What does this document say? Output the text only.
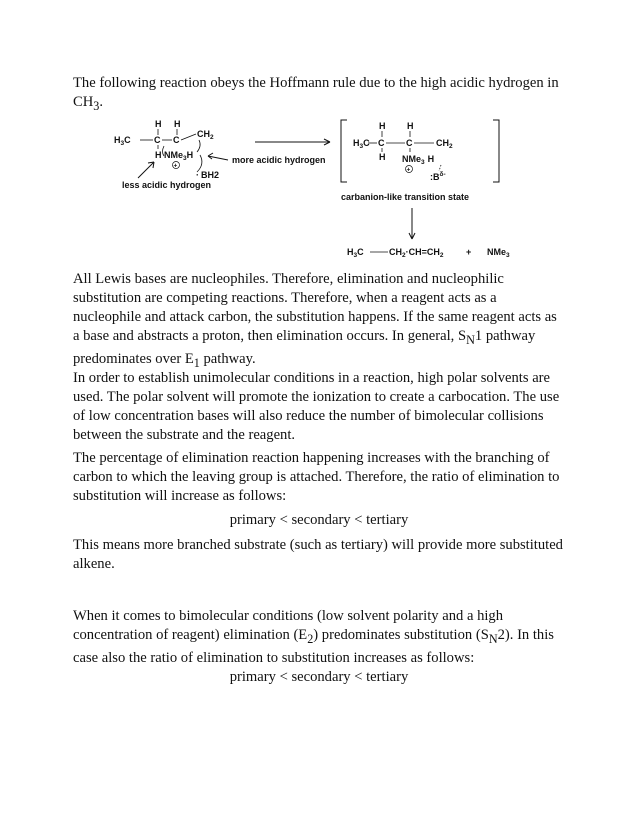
The following reaction obeys the Hoffmann rule due to the high acidic hydrogen in $CH_3$.

H H
$H_3C$	C C
$CH_2$
H NMe$_3$H
+
· BH2
more acidic hydrogen
less acidic hydrogen
H H
$H_3C$ C C	$CH_2$
H NMe$_3$ H
+
$:B^{\delta-}$
carbanion-like transition state
$H_3C$	$CH_2\cdot CH=CH_2 + NMe_3$

All Lewis bases are nucleophiles. Therefore, elimination and nucleophilic substitution are competing reactions. Therefore, when a reagent acts as a nucleophile and attack carbon, the substitution happens. If the same reagent acts as a base and abstracts a proton, then elimination occurs. In general, $S_N1$ pathway predominates over $E_1$ pathway.

In order to establish unimolecular conditions in a reaction, high polar solvents are used. The polar solvent will promote the ionization to create a carbocation. The use of low concentration bases will also reduce the number of bimolecular collisions between the substrate and the reagent.

The percentage of elimination reaction happening increases with the branching of carbon to which the leaving group is attached. Therefore, the ratio of elimination to substitution will increase as follows:

primary < secondary < tertiary

This means more branched substrate (such as tertiary) will provide more substituted alkene.

When it comes to bimolecular conditions (low solvent polarity and a high concentration of reagent) elimination $(E_2)$ predominates substitution $(S_N2)$. In this case also the ratio of elimination to substitution increases as follows:

primary < secondary < tertiary
